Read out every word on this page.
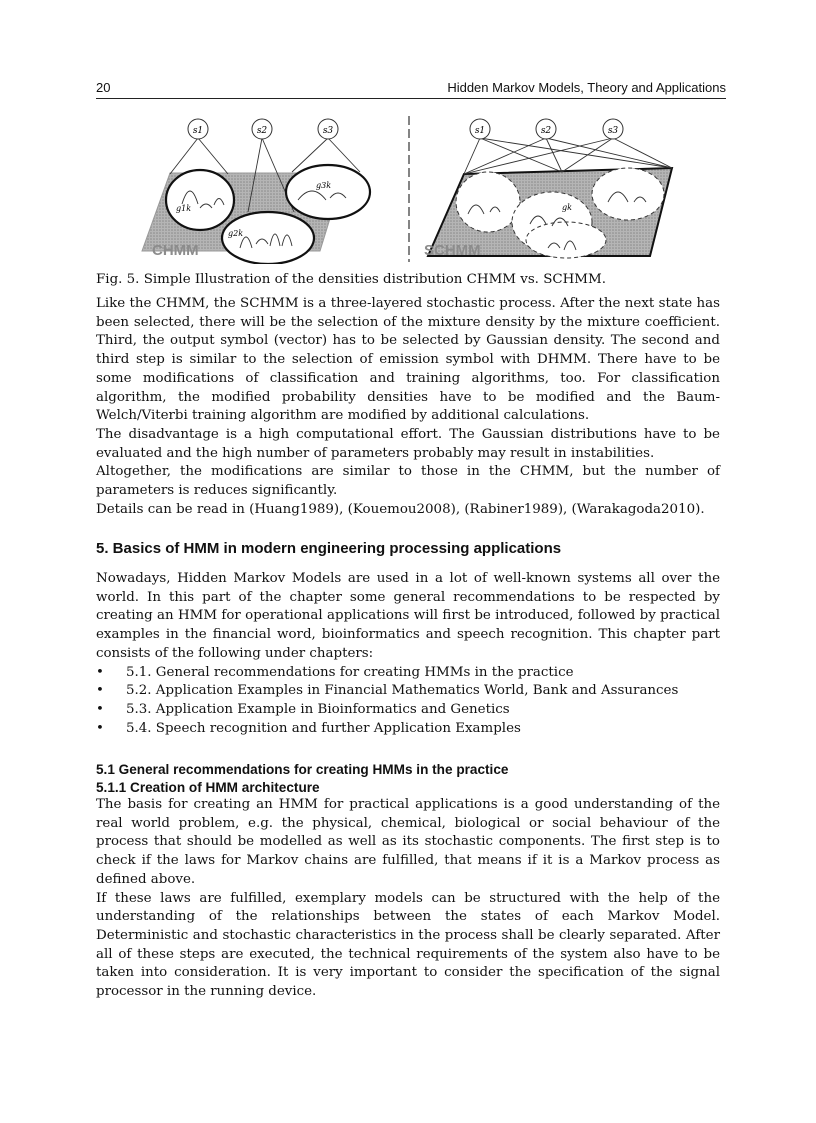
20	Hidden Markov Models, Theory and Applications
s1	s2	s3
g1k
g2k
g3k
CHMM
s1	s2	s3
gk
SCHMM
Fig. 5. Simple Illustration of the densities distribution CHMM vs. SCHMM.

Like the CHMM, the SCHMM is a three-layered stochastic process. After the next state has been selected, there will be the selection of the mixture density by the mixture coefficient. Third, the output symbol (vector) has to be selected by Gaussian density. The second and third step is similar to the selection of emission symbol with DHMM. There have to be some modifications of classification and training algorithms, too. For classification algorithm, the modified probability densities have to be modified and the Baum-Welch/Viterbi training algorithm are modified by additional calculations.

The disadvantage is a high computational effort. The Gaussian distributions have to be evaluated and the high number of parameters probably may result in instabilities.

Altogether, the modifications are similar to those in the CHMM, but the number of parameters is reduces significantly.

Details can be read in (Huang1989), (Kouemou2008), (Rabiner1989), (Warakagoda2010).

5. Basics of HMM in modern engineering processing applications

Nowadays, Hidden Markov Models are used in a lot of well-known systems all over the world. In this part of the chapter some general recommendations to be respected by creating an HMM for operational applications will first be introduced, followed by practical examples in the financial word, bioinformatics and speech recognition. This chapter part consists of the following under chapters:

• 5.1. General recommendations for creating HMMs in the practice

• 5.2. Application Examples in Financial Mathematics World, Bank and Assurances

• 5.3. Application Example in Bioinformatics and Genetics

• 5.4. Speech recognition and further Application Examples

5.1 General recommendations for creating HMMs in the practice
5.1.1 Creation of HMM architecture

The basis for creating an HMM for practical applications is a good understanding of the real world problem, e.g. the physical, chemical, biological or social behaviour of the process that should be modelled as well as its stochastic components. The first step is to check if the laws for Markov chains are fulfilled, that means if it is a Markov process as defined above.

If these laws are fulfilled, exemplary models can be structured with the help of the understanding of the relationships between the states of each Markov Model. Deterministic and stochastic characteristics in the process shall be clearly separated. After all of these steps are executed, the technical requirements of the system also have to be taken into consideration. It is very important to consider the specification of the signal processor in the running device.
